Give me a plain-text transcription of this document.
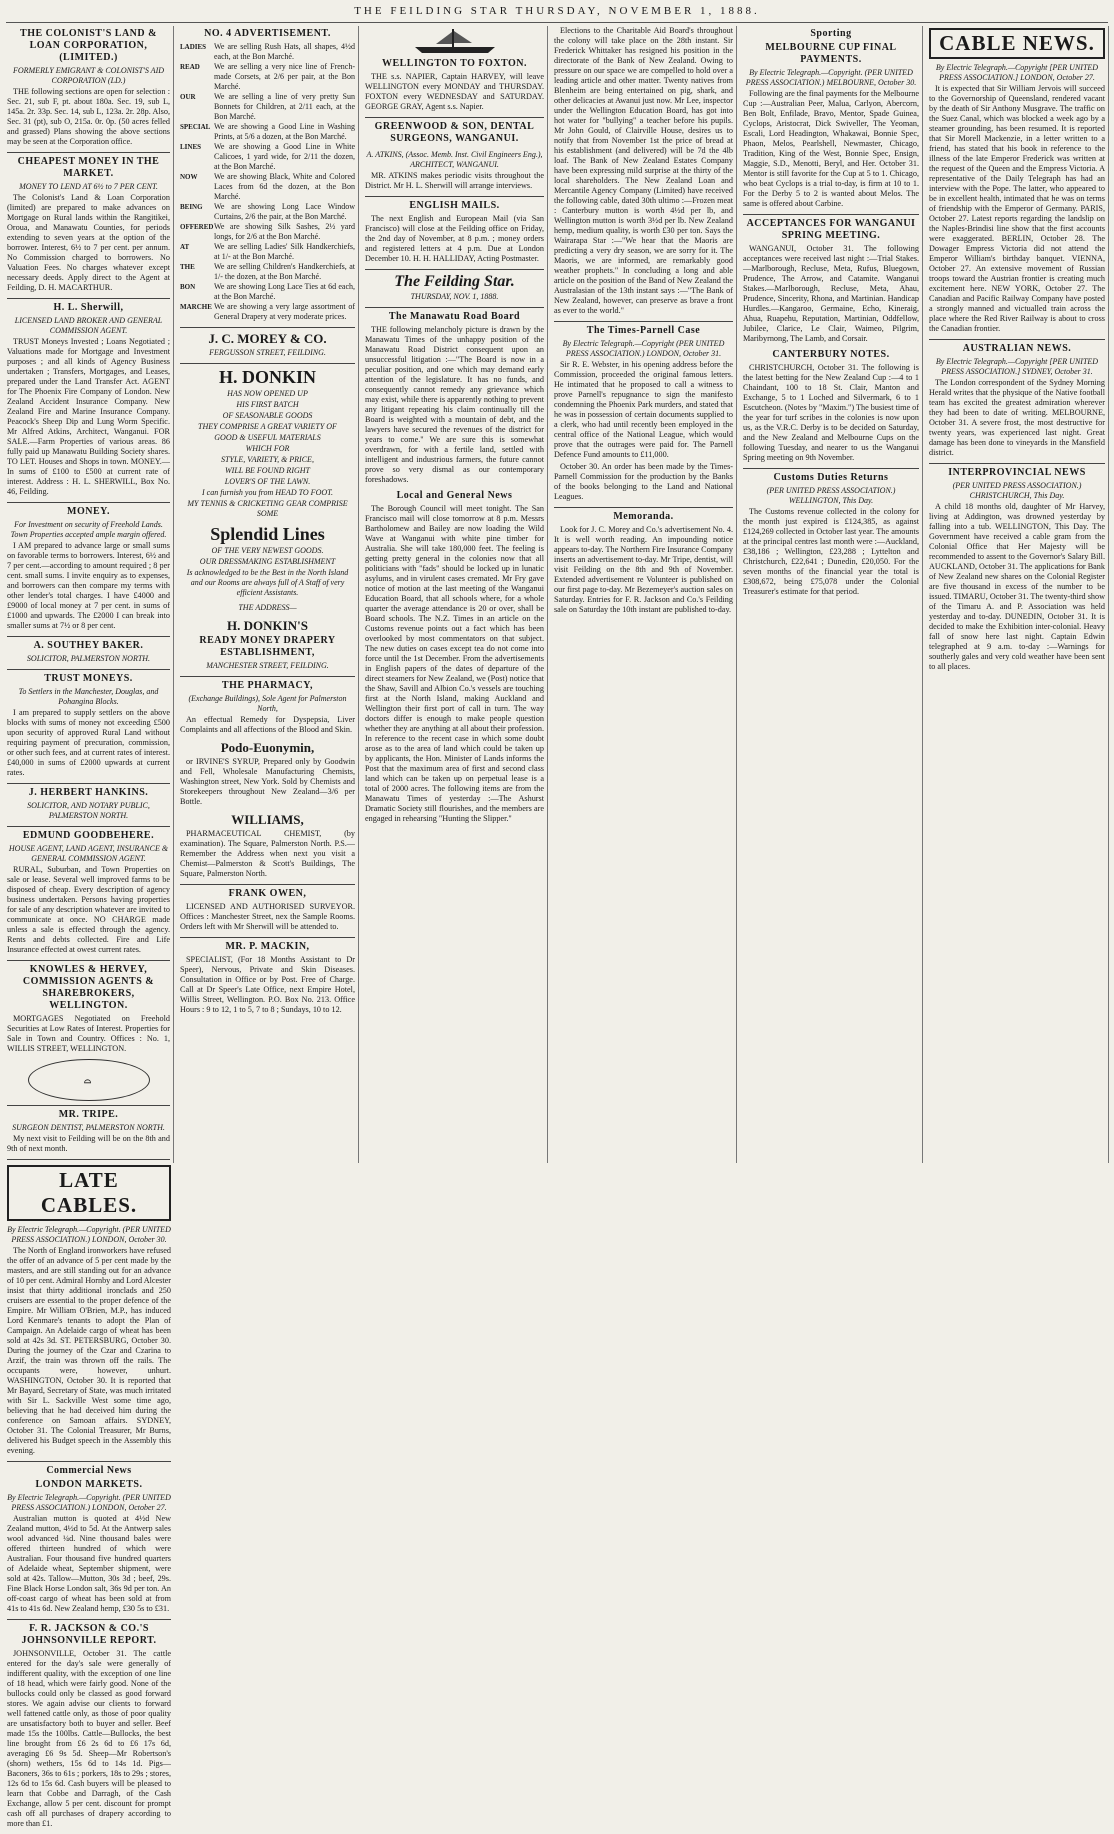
THE FEILDING STAR THURSDAY, NOVEMBER 1, 1888.
THE COLONIST'S LAND & LOAN CORPORATION, (LIMITED.)
FORMERLY EMIGRANT & COLONIST'S AID CORPORATION (LD.)

THE following sections are open for selection : Sec. 21, sub F, pt. about 180a. Sec. 19, sub L, 145a. 2r. 33p. Sec. 14, sub L, 123a. 2r. 28p. Also, Sec. 31 (pt), sub O, 215a. 0r. 0p. (50 acres felled and grassed) Plans showing the above sections may be seen at the Corporation office.

CHEAPEST MONEY IN THE MARKET.
MONEY TO LEND AT 6½ to 7 PER CENT.

The Colonist's Land & Loan Corporation (limited) are prepared to make advances on Mortgage on Rural lands within the Rangitikei, Oroua, and Manawatu Counties, for periods extending to seven years at the option of the borrower. Interest, 6½ to 7 per cent. per annum. No Commission charged to borrowers. No Valuation Fees. No charges whatever except necessary deeds. Apply direct to the Agent at Feilding, D. H. MACARTHUR.

H. L. Sherwill,
LICENSED LAND BROKER AND GENERAL COMMISSION AGENT.

TRUST Moneys Invested ; Loans Negotiated ; Valuations made for Mortgage and Investment purposes ; and all kinds of Agency Business undertaken ; Transfers, Mortgages, and Leases, prepared under the Land Transfer Act. AGENT for The Phoenix Fire Company of London. New Zealand Accident Insurance Company. New Zealand Fire and Marine Insurance Company. Peacock's Sheep Dip and Lung Worm Specific. Mr Alfred Atkins, Architect, Wanganui. FOR SALE.—Farm Properties of various areas. 86 fully paid up Manawatu Building Society shares. TO LET. Houses and Shops in town. MONEY.—In sums of £100 to £500 at current rate of interest. Address : H. L. SHERWILL, Box No. 46, Feilding.

MONEY.
For Investment on security of Freehold Lands. Town Properties accepted ample margin offered.

I AM prepared to advance large or small sums on favorable terms to borrowers. Interest, 6½ and 7 per cent.—according to amount required ; 8 per cent. small sums. I invite enquiry as to expenses, and borrowers can then compare my terms with other lender's total charges. I have £4000 and £9000 of local money at 7 per cent. in sums of £1000 and upwards. The £2000 I can break into smaller sums at 7½ or 8 per cent.

A. SOUTHEY BAKER.
SOLICITOR, PALMERSTON NORTH.

TRUST MONEYS.
To Settlers in the Manchester, Douglas, and Pohangina Blocks.

I am prepared to supply settlers on the above blocks with sums of money not exceeding £500 upon security of approved Rural Land without requiring payment of precuration, commission, or other such fees, and at current rates of interest. £40,000 in sums of £2000 upwards at current rates.

J. HERBERT HANKINS.
SOLICITOR, AND NOTARY PUBLIC, PALMERSTON NORTH.

EDMUND GOODBEHERE.
HOUSE AGENT, LAND AGENT, INSURANCE & GENERAL COMMISSION AGENT.

RURAL, Suburban, and Town Properties on sale or lease. Several well improved farms to be disposed of cheap. Every description of agency business undertaken. Persons having properties for sale of any description whatever are invited to communicate at once. NO CHARGE made unless a sale is effected through the agency. Rents and debts collected. Fire and Life Insurance effected at owest current rates.

KNOWLES & HERVEY, COMMISSION AGENTS & SHAREBROKERS, WELLINGTON.

MORTGAGES Negotiated on Freehold Securities at Low Rates of Interest. Properties for Sale in Town and Country. Offices : No. 1, WILLIS STREET, WELLINGTON.

⌓
MR. TRIPE.
SURGEON DENTIST, PALMERSTON NORTH.

My next visit to Feilding will be on the 8th and 9th of next month.

NO. 4 ADVERTISEMENT.
LADIES We are selling Rush Hats, all shapes, 4½d each, at the Bon Marché.
READ	We are selling a very nice line of French-made Corsets, at 2/6 per pair, at the Bon Marché.
OUR	We are selling a line of very pretty Sun Bonnets for Children, at 2/11 each, at the Bon Marché.
SPECIAL We are showing a Good Line in Washing Prints, at 5/6 a dozen, at the Bon Marché.
LINES	We are showing a Good Line in White Calicoes, 1 yard wide, for 2/11 the dozen, at the Bon Marché.
NOW	We are showing Black, White and Colored Laces from 6d the dozen, at the Bon Marché.
BEING	We are showing Long Lace Window Curtains, 2/6 the pair, at the Bon Marché.
OFFERED We are showing Silk Sashes, 2½ yard longs, for 2/6 at the Bon Marché.
AT	We are selling Ladies' Silk Handkerchiefs, at 1/- at the Bon Marché.
THE	We are selling Children's Handkerchiefs, at 1/- the dozen, at the Bon Marché.
BON	We are showing Long Lace Ties at 6d each, at the Bon Marché.
MARCHE We are showing a very large assortment of General Drapery at very moderate prices.
J. C. MOREY & CO.
FERGUSSON STREET, FEILDING.
H. DONKIN
HAS NOW OPENED UP
HIS FIRST BATCH
OF SEASONABLE GOODS
THEY COMPRISE A GREAT VARIETY OF
GOOD & USEFUL MATERIALS
WHICH FOR
STYLE, VARIETY, & PRICE,
WILL BE FOUND RIGHT
LOVER'S OF THE LAWN.
I can furnish you from HEAD TO FOOT.
MY TENNIS & CRICKETING GEAR COMPRISE SOME
Splendid Lines
OF THE VERY NEWEST GOODS.
OUR DRESSMAKING ESTABLISHMENT
Is acknowledged to be the Best in the North Island and our Rooms are always full of A Staff of very efficient Assistants.
THE ADDRESS—
H. DONKIN'S
READY MONEY DRAPERY ESTABLISHMENT,
MANCHESTER STREET, FEILDING.
THE PHARMACY,
(Exchange Buildings), Sole Agent for Palmerston North,

An effectual Remedy for Dyspepsia, Liver Complaints and all affections of the Blood and Skin.

Podo-Euonymin,

or IRVINE'S SYRUP, Prepared only by Goodwin and Fell, Wholesale Manufacturing Chemists, Washington street, New York. Sold by Chemists and Storekeepers throughout New Zealand—3/6 per Bottle.

WILLIAMS,

PHARMACEUTICAL CHEMIST, (by examination). The Square, Palmerston North. P.S.—Remember the Address when next you visit a Chemist—Palmerston & Scott's Buildings, The Square, Palmerston North.

FRANK OWEN,

LICENSED AND AUTHORISED SURVEYOR. Offices : Manchester Street, nex the Sample Rooms. Orders left with Mr Sherwill will be attended to.

MR. P. MACKIN,

SPECIALIST, (For 18 Months Assistant to Dr Speer), Nervous, Private and Skin Diseases. Consultation in Office or by Post. Free of Charge. Call at Dr Speer's Late Office, next Empire Hotel, Willis Street, Wellington. P.O. Box No. 213. Office Hours : 9 to 12, 1 to 5, 7 to 8 ; Sundays, 10 to 12.

WELLINGTON TO FOXTON.

THE s.s. NAPIER, Captain HARVEY, will leave WELLINGTON every MONDAY and THURSDAY. FOXTON every WEDNESDAY and SATURDAY. GEORGE GRAY, Agent s.s. Napier.

GREENWOOD & SON, DENTAL SURGEONS, WANGANUI.
A. ATKINS, (Assoc. Memb. Inst. Civil Engineers Eng.), ARCHITECT, WANGANUI.

MR. ATKINS makes periodic visits throughout the District. Mr H. L. Sherwill will arrange interviews.

ENGLISH MAILS.

The next English and European Mail (via San Francisco) will close at the Feilding office on Friday, the 2nd day of November, at 8 p.m. ; money orders and registered letters at 4 p.m. Due at London December 10. H. H. HALLIDAY, Acting Postmaster.

The Feilding Star.
THURSDAY, NOV. 1, 1888.
The Manawatu Road Board

THE following melancholy picture is drawn by the Manawatu Times of the unhappy position of the Manawatu Road District consequent upon an unsuccessful litigation :—"The Board is now in a peculiar position, and one which may demand early attention of the legislature. It has no funds, and consequently cannot remedy any grievance which may exist, while there is apparently nothing to prevent any litigant repeating his claim continually till the Board is weighted with a mountain of debt, and the lawyers have secured the revenues of the district for years to come." We are sure this is somewhat overdrawn, for with a fertile land, settled with intelligent and industrious farmers, the future cannot prove so very dismal as our contemporary foreshadows.

Local and General News

The Borough Council will meet tonight. The San Francisco mail will close tomorrow at 8 p.m. Messrs Bartholomew and Bailey are now loading the Wild Wave at Wanganui with white pine timber for Australia. She will take 180,000 feet. The feeling is getting pretty general in the colonies now that all politicians with "fads" should be locked up in lunatic asylums, and in virulent cases cremated. Mr Fry gave notice of motion at the last meeting of the Wanganui Education Board, that all schools where, for a whole quarter the average attendance is 20 or over, shall be Board schools. The N.Z. Times in an article on the Customs revenue points out a fact which has been overlooked by most commentators on that subject. The new duties on cases except tea do not come into force until the 1st December. From the advertisements in English papers of the dates of departure of the direct steamers for New Zealand, we (Post) notice that the Shaw, Savill and Albion Co.'s vessels are touching first at the North Island, making Auckland and Wellington their first port of call in turn. The way doctors differ is enough to make people question whether they are anything at all about their profession. In reference to the recent case in which some doubt arose as to the area of land which could be taken up by applicants, the Hon. Minister of Lands informs the Post that the maximum area of first and second class land which can be taken up on perpetual lease is a total of 2000 acres. The following items are from the Manawatu Times of yesterday :—The Ashurst Dramatic Society still flourishes, and the members are engaged in rehearsing "Hunting the Slipper."

Elections to the Charitable Aid Board's throughout the colony will take place on the 28th instant. Sir Frederick Whittaker has resigned his position in the directorate of the Bank of New Zealand. Owing to pressure on our space we are compelled to hold over a leading article and other matter. Twenty natives from Blenheim are being entertained on pig, shark, and other delicacies at Awanui just now. Mr Lee, inspector under the Wellington Education Board, has got into hot water for "bullying" a teacher before his pupils. Mr John Gould, of Clairville House, desires us to notify that from November 1st the price of bread at his establishment (and delivered) will be 7d the 4lb loaf. The Bank of New Zealand Estates Company have been expressing mild surprise at the thirty of the local shareholders. The New Zealand Loan and Mercantile Agency Company (Limited) have received the following cable, dated 30th ultimo :—Frozen meat : Canterbury mutton is worth 4½d per lb, and Wellington mutton is worth 3½d per lb. New Zealand hemp, medium quality, is worth £30 per ton. Says the Wairarapa Star :—"We hear that the Maoris are predicting a very dry season, we are sorry for it. The Maoris, we are informed, are remarkably good weather prophets." In concluding a long and able article on the position of the Band of New Zealand the Australasian of the 13th instant says :—"The Bank of New Zealand, however, can preserve as brave a front as ever to the world."

The Times-Parnell Case
By Electric Telegraph.—Copyright (PER UNITED PRESS ASSOCIATION.) LONDON, October 31.

Sir R. E. Webster, in his opening address before the Commission, proceeded the original famous letters. He intimated that he proposed to call a witness to prove Parnell's repugnance to sign the manifesto condemning the Phoenix Park murders, and stated that he was in possession of certain documents supplied to a clerk, who had until recently been employed in the central office of the National League, which would prove that the outrages were paid for. The Parnell Defence Fund amounts to £11,000.

October 30. An order has been made by the Times-Parnell Commission for the production by the Banks of the books belonging to the Land and National Leagues.

Memoranda.

Look for J. C. Morey and Co.'s advertisement No. 4. It is well worth reading. An impounding notice appears to-day. The Northern Fire Insurance Company inserts an advertisement to-day. Mr Tripe, dentist, will visit Feilding on the 8th and 9th of November. Extended advertisement re Volunteer is published on our first page to-day. Mr Bezemeyer's auction sales on Saturday. Entries for F. R. Jackson and Co.'s Feilding sale on Saturday the 10th instant are published to-day.

Sporting
MELBOURNE CUP FINAL PAYMENTS.
By Electric Telegraph.—Copyright. (PER UNITED PRESS ASSOCIATION.) MELBOURNE, October 30.

Following are the final payments for the Melbourne Cup :—Australian Peer, Malua, Carlyon, Abercorn, Ben Bolt, Enfilade, Bravo, Mentor, Spade Guinea, Cyclops, Aristocrat, Dick Swiveller, The Yeoman, Escali, Lord Headington, Whakawai, Bonnie Spec, Phaon, Melos, Pearlshell, Newmaster, Chicago, Tradition, King of the West, Bonnie Spec, Ensign, Maggie, S.D., Menotti, Beryl, and Her. October 31. Mentor is still favorite for the Cup at 5 to 1. Chicago, who beat Cyclops is a trial to-day, is firm at 10 to 1. For the Derby 5 to 2 is wanted about Melos. The same is offered about Carbine.

ACCEPTANCES FOR WANGANUI SPRING MEETING.

WANGANUI, October 31. The following acceptances were received last night :—Trial Stakes.—Marlborough, Recluse, Meta, Rufus, Bluegown, Prudence, The Arrow, and Catamite. Wanganui Stakes.—Marlborough, Recluse, Meta, Ahau, Prudence, Sincerity, Rhona, and Martinian. Handicap Hurdles.—Kangaroo, Germaine, Echo, Kineraig, Ahua, Ruapehu, Reputation, Martinian, Oddfellow, Jubilee, Clarice, Le Clair, Waimeo, Pilgrim, Maribyrnong, The Lamb, and Corsair.

CANTERBURY NOTES.

CHRISTCHURCH, October 31. The following is the latest betting for the New Zealand Cup :—4 to 1 Chaindant, 100 to 18 St. Clair, Manton and Exchange, 5 to 1 Loched and Silvermark, 6 to 1 Escutcheon. (Notes by "Maxim.") The busiest time of the year for turf scribes in the colonies is now upon us, as the V.R.C. Derby is to be decided on Saturday, and the New Zealand and Melbourne Cups on the following Tuesday, and nearer to us the Wanganui Spring meeting on 9th November.

Customs Duties Returns
(PER UNITED PRESS ASSOCIATION.) WELLINGTON, This Day.

The Customs revenue collected in the colony for the month just expired is £124,385, as against £124,269 collected in October last year. The amounts at the principal centres last month were :—Auckland, £38,186 ; Wellington, £23,288 ; Lyttelton and Christchurch, £22,641 ; Dunedin, £20,050. For the seven months of the financial year the total is £308,672, being £75,078 under the Colonial Treasurer's estimate for that period.

CABLE NEWS.
By Electric Telegraph.—Copyright [PER UNITED PRESS ASSOCIATION.] LONDON, October 27.

It is expected that Sir William Jervois will succeed to the Governorship of Queensland, rendered vacant by the death of Sir Anthony Musgrave. The traffic on the Suez Canal, which was blocked a week ago by a steamer grounding, has been resumed. It is reported that Sir Morell Mackenzie, in a letter written to a friend, has stated that his book in reference to the illness of the late Emperor Frederick was written at the request of the Queen and the Empress Victoria. A representative of the Daily Telegraph has had an interview with the Pope. The latter, who appeared to be in excellent health, intimated that he was on terms of friendship with the Emperor of Germany. PARIS, October 27. Latest reports regarding the landslip on the Naples-Brindisi line show that the first accounts were exaggerated. BERLIN, October 28. The Dowager Empress Victoria did not attend the Emperor William's birthday banquet. VIENNA, October 27. An extensive movement of Russian troops toward the Austrian frontier is creating much excitement here. NEW YORK, October 27. The Canadian and Pacific Railway Company have posted a strongly manned and victualled train across the place where the Red River Railway is about to cross the Canadian frontier.

AUSTRALIAN NEWS.
By Electric Telegraph.—Copyright [PER UNITED PRESS ASSOCIATION.] SYDNEY, October 31.

The London correspondent of the Sydney Morning Herald writes that the physique of the Native football team has excited the greatest admiration wherever they had been to date of writing. MELBOURNE, October 31. A severe frost, the most destructive for twenty years, was experienced last night. Great damage has been done to vineyards in the Mansfield district.

INTERPROVINCIAL NEWS
(PER UNITED PRESS ASSOCIATION.) CHRISTCHURCH, This Day.

A child 18 months old, daughter of Mr Harvey, living at Addington, was drowned yesterday by falling into a tub. WELLINGTON, This Day. The Government have received a cable gram from the Colonial Office that Her Majesty will be recommended to assent to the Governor's Salary Bill. AUCKLAND, October 31. The applications for Bank of New Zealand new shares on the Colonial Register are five thousand in excess of the number to be issued. TIMARU, October 31. The twenty-third show of the Timaru A. and P. Association was held yesterday and to-day. DUNEDIN, October 31. It is decided to make the Exhibition inter-colonial. Heavy fall of snow here last night. Captain Edwin telegraphed at 9 a.m. to-day :—Warnings for southerly gales and very cold weather have been sent to all places.

LATE CABLES.
By Electric Telegraph.—Copyright. (PER UNITED PRESS ASSOCIATION.) LONDON, October 30.

The North of England ironworkers have refused the offer of an advance of 5 per cent made by the masters, and are still standing out for an advance of 10 per cent. Admiral Hornby and Lord Alcester insist that thirty additional ironclads and 250 cruisers are essential to the proper defence of the Empire. Mr William O'Brien, M.P., has induced Lord Kenmare's tenants to adopt the Plan of Campaign. An Adelaide cargo of wheat has been sold at 42s 3d. ST. PETERSBURG, October 30. During the journey of the Czar and Czarina to Arzif, the train was thrown off the rails. The occupants were, however, unhurt. WASHINGTON, October 30. It is reported that Mr Bayard, Secretary of State, was much irritated with Sir L. Sackville West some time ago, believing that he had deceived him during the conference on Samoan affairs. SYDNEY, October 31. The Colonial Treasurer, Mr Burns, delivered his Budget speech in the Assembly this evening.

Commercial News
LONDON MARKETS.
By Electric Telegraph.—Copyright. (PER UNITED PRESS ASSOCIATION.) LONDON, October 27.

Australian mutton is quoted at 4½d New Zealand mutton, 4½d to 5d. At the Antwerp sales wool advanced ¼d. Nine thousand bales were offered thirteen hundred of which were Australian. Four thousand five hundred quarters of Adelaide wheat, September shipment, were sold at 42s. Tallow—Mutton, 30s 3d ; beef, 29s. Fine Black Horse London salt, 36s 9d per ton. An off-coast cargo of wheat has been sold at from 41s to 41s 6d. New Zealand hemp, £30 5s to £31.

F. R. JACKSON & CO.'S JOHNSONVILLE REPORT.

JOHNSONVILLE, October 31. The cattle entered for the day's sale were generally of indifferent quality, with the exception of one line of 18 head, which were fairly good. None of the bullocks could only be classed as good forward stores. We again advise our clients to forward well fattened cattle only, as those of poor quality are unsatisfactory both to buyer and seller. Beef made 15s the 100lbs. Cattle—Bullocks, the best line brought from £6 2s 6d to £6 17s 6d, averaging £6 9s 5d. Sheep—Mr Robertson's (shorn) wethers, 15s 6d to 14s 1d. Pigs—Baconers, 36s to 61s ; porkers, 18s to 29s ; stores, 12s 6d to 15s 6d. Cash buyers will be pleased to learn that Cobbe and Darragh, of the Cash Exchange, allow 5 per cent. discount for prompt cash off all purchases of drapery according to more than £1.
